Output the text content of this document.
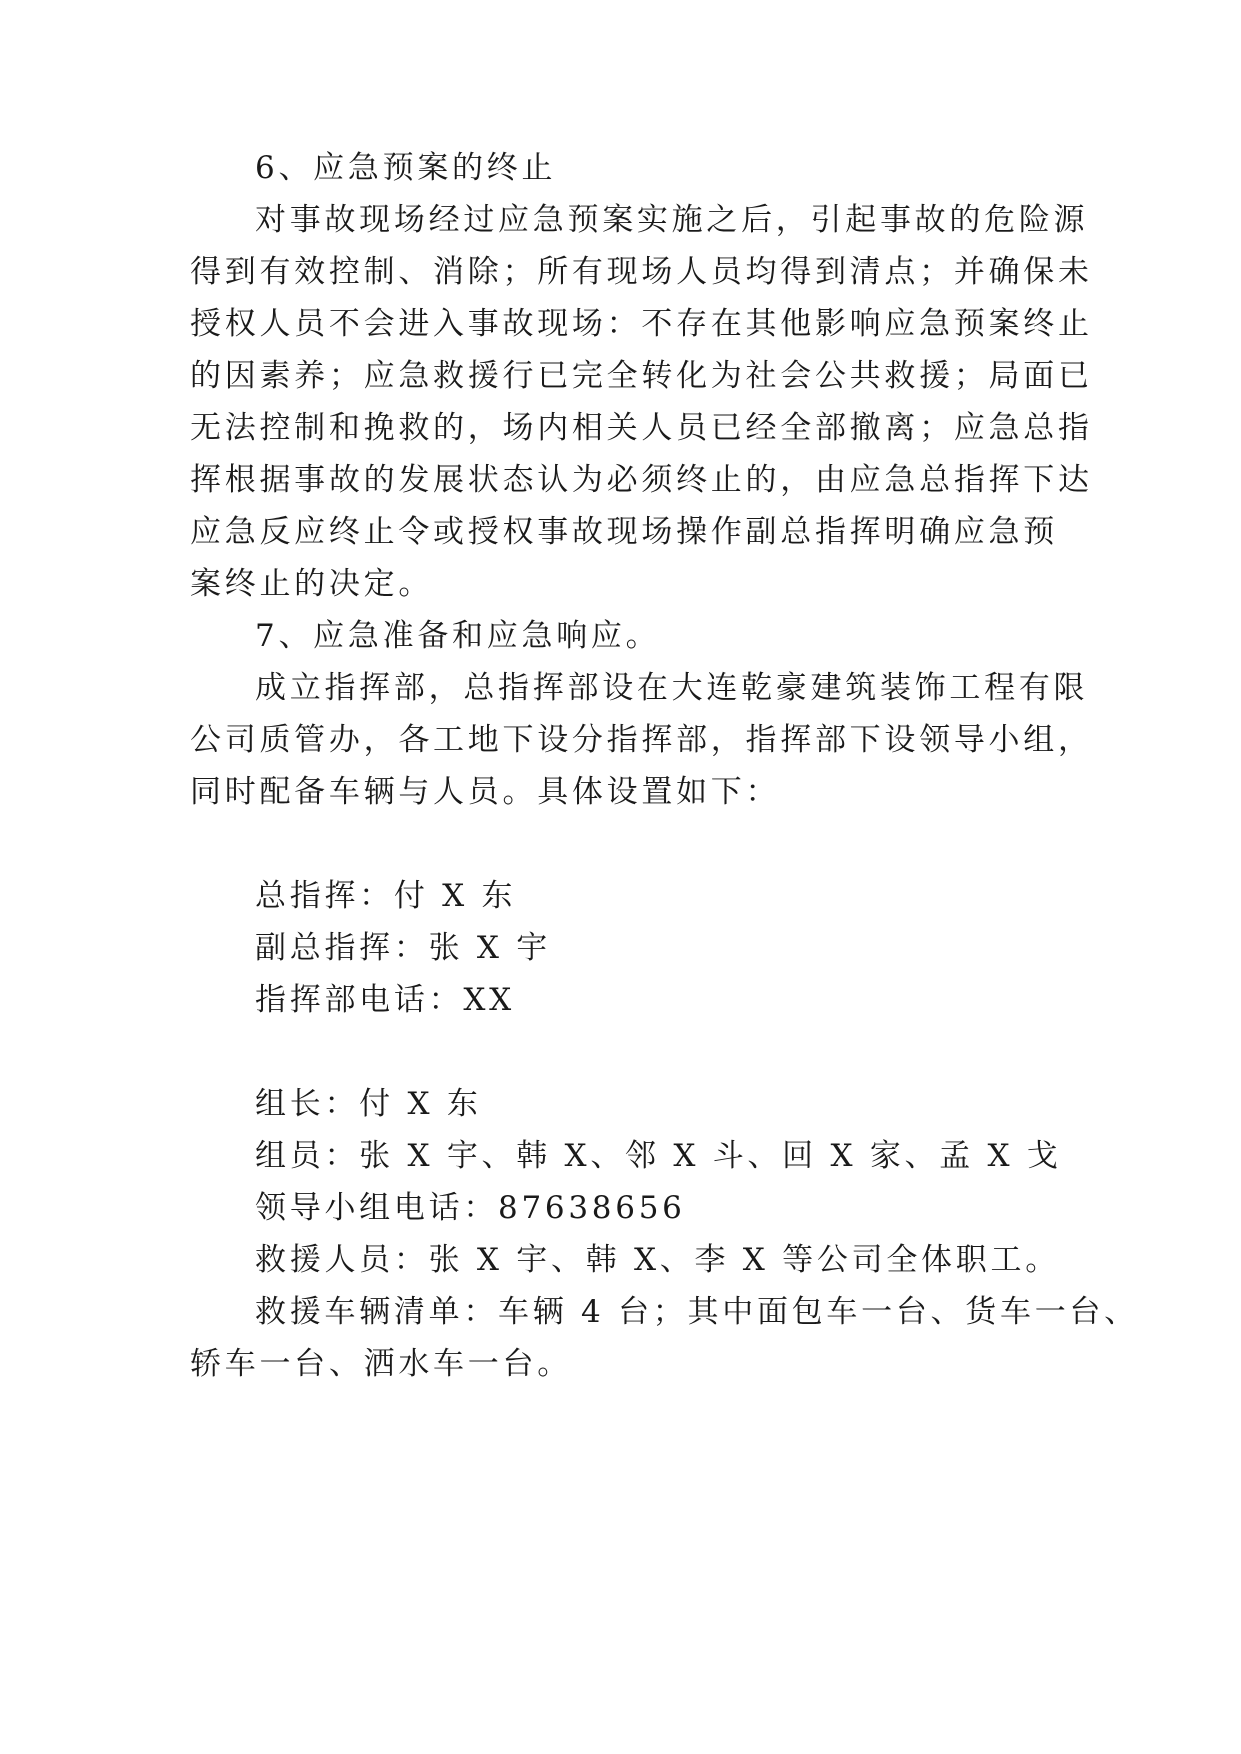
6、应急预案的终止
对事故现场经过应急预案实施之后，引起事故的危险源
得到有效控制、消除；所有现场人员均得到清点；并确保未
授权人员不会进入事故现场：不存在其他影响应急预案终止
的因素养；应急救援行已完全转化为社会公共救援；局面已
无法控制和挽救的，场内相关人员已经全部撤离；应急总指
挥根据事故的发展状态认为必须终止的，由应急总指挥下达
应急反应终止令或授权事故现场操作副总指挥明确应急预
案终止的决定。
7、应急准备和应急响应。
成立指挥部，总指挥部设在大连乾豪建筑装饰工程有限
公司质管办，各工地下设分指挥部，指挥部下设领导小组，
同时配备车辆与人员。具体设置如下：
总指挥：付 X 东
副总指挥：张 X 宇
指挥部电话：XX
组长：付 X 东
组员：张 X 宇、韩 X、邻 X 斗、回 X 家、孟 X 戈
领导小组电话：87638656
救援人员：张 X 宇、韩 X、李 X 等公司全体职工。
救援车辆清单：车辆 4 台；其中面包车一台、货车一台、
轿车一台、洒水车一台。
